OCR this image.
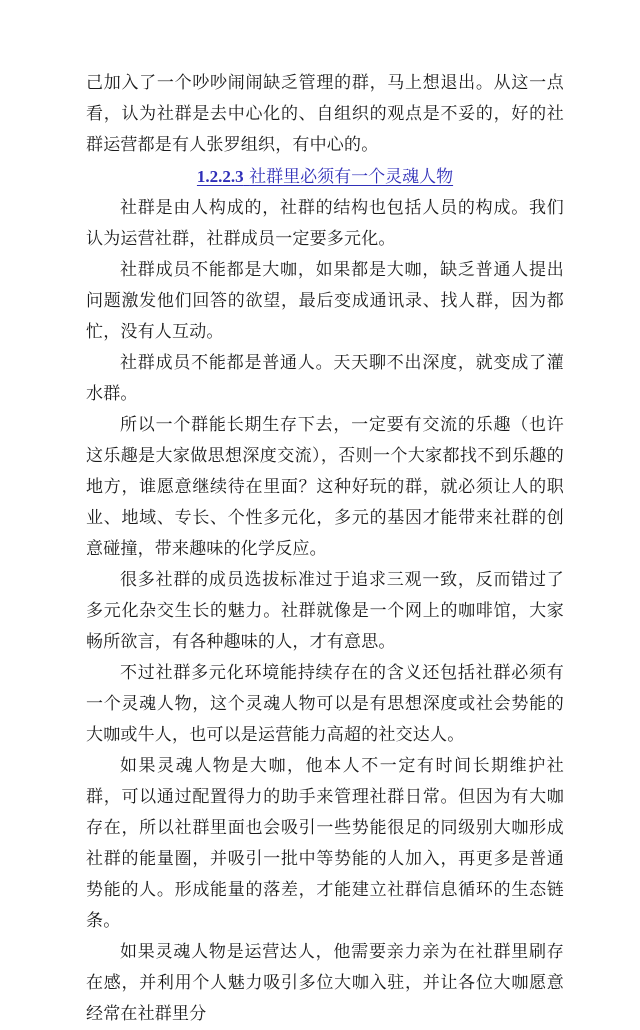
己加入了一个吵吵闹闹缺乏管理的群，马上想退出。从这一点看，认为社群是去中心化的、自组织的观点是不妥的，好的社群运营都是有人张罗组织，有中心的。

1.2.2.3 社群里必须有一个灵魂人物

社群是由人构成的，社群的结构也包括人员的构成。我们认为运营社群，社群成员一定要多元化。

社群成员不能都是大咖，如果都是大咖，缺乏普通人提出问题激发他们回答的欲望，最后变成通讯录、找人群，因为都忙，没有人互动。

社群成员不能都是普通人。天天聊不出深度，就变成了灌水群。

所以一个群能长期生存下去，一定要有交流的乐趣（也许这乐趣是大家做思想深度交流），否则一个大家都找不到乐趣的地方，谁愿意继续待在里面？这种好玩的群，就必须让人的职业、地域、专长、个性多元化，多元的基因才能带来社群的创意碰撞，带来趣味的化学反应。

很多社群的成员选拔标准过于追求三观一致，反而错过了多元化杂交生长的魅力。社群就像是一个网上的咖啡馆，大家畅所欲言，有各种趣味的人，才有意思。

不过社群多元化环境能持续存在的含义还包括社群必须有一个灵魂人物，这个灵魂人物可以是有思想深度或社会势能的大咖或牛人，也可以是运营能力高超的社交达人。

如果灵魂人物是大咖，他本人不一定有时间长期维护社群，可以通过配置得力的助手来管理社群日常。但因为有大咖存在，所以社群里面也会吸引一些势能很足的同级别大咖形成社群的能量圈，并吸引一批中等势能的人加入，再更多是普通势能的人。形成能量的落差，才能建立社群信息循环的生态链条。

如果灵魂人物是运营达人，他需要亲力亲为在社群里刷存在感，并利用个人魅力吸引多位大咖入驻，并让各位大咖愿意经常在社群里分
